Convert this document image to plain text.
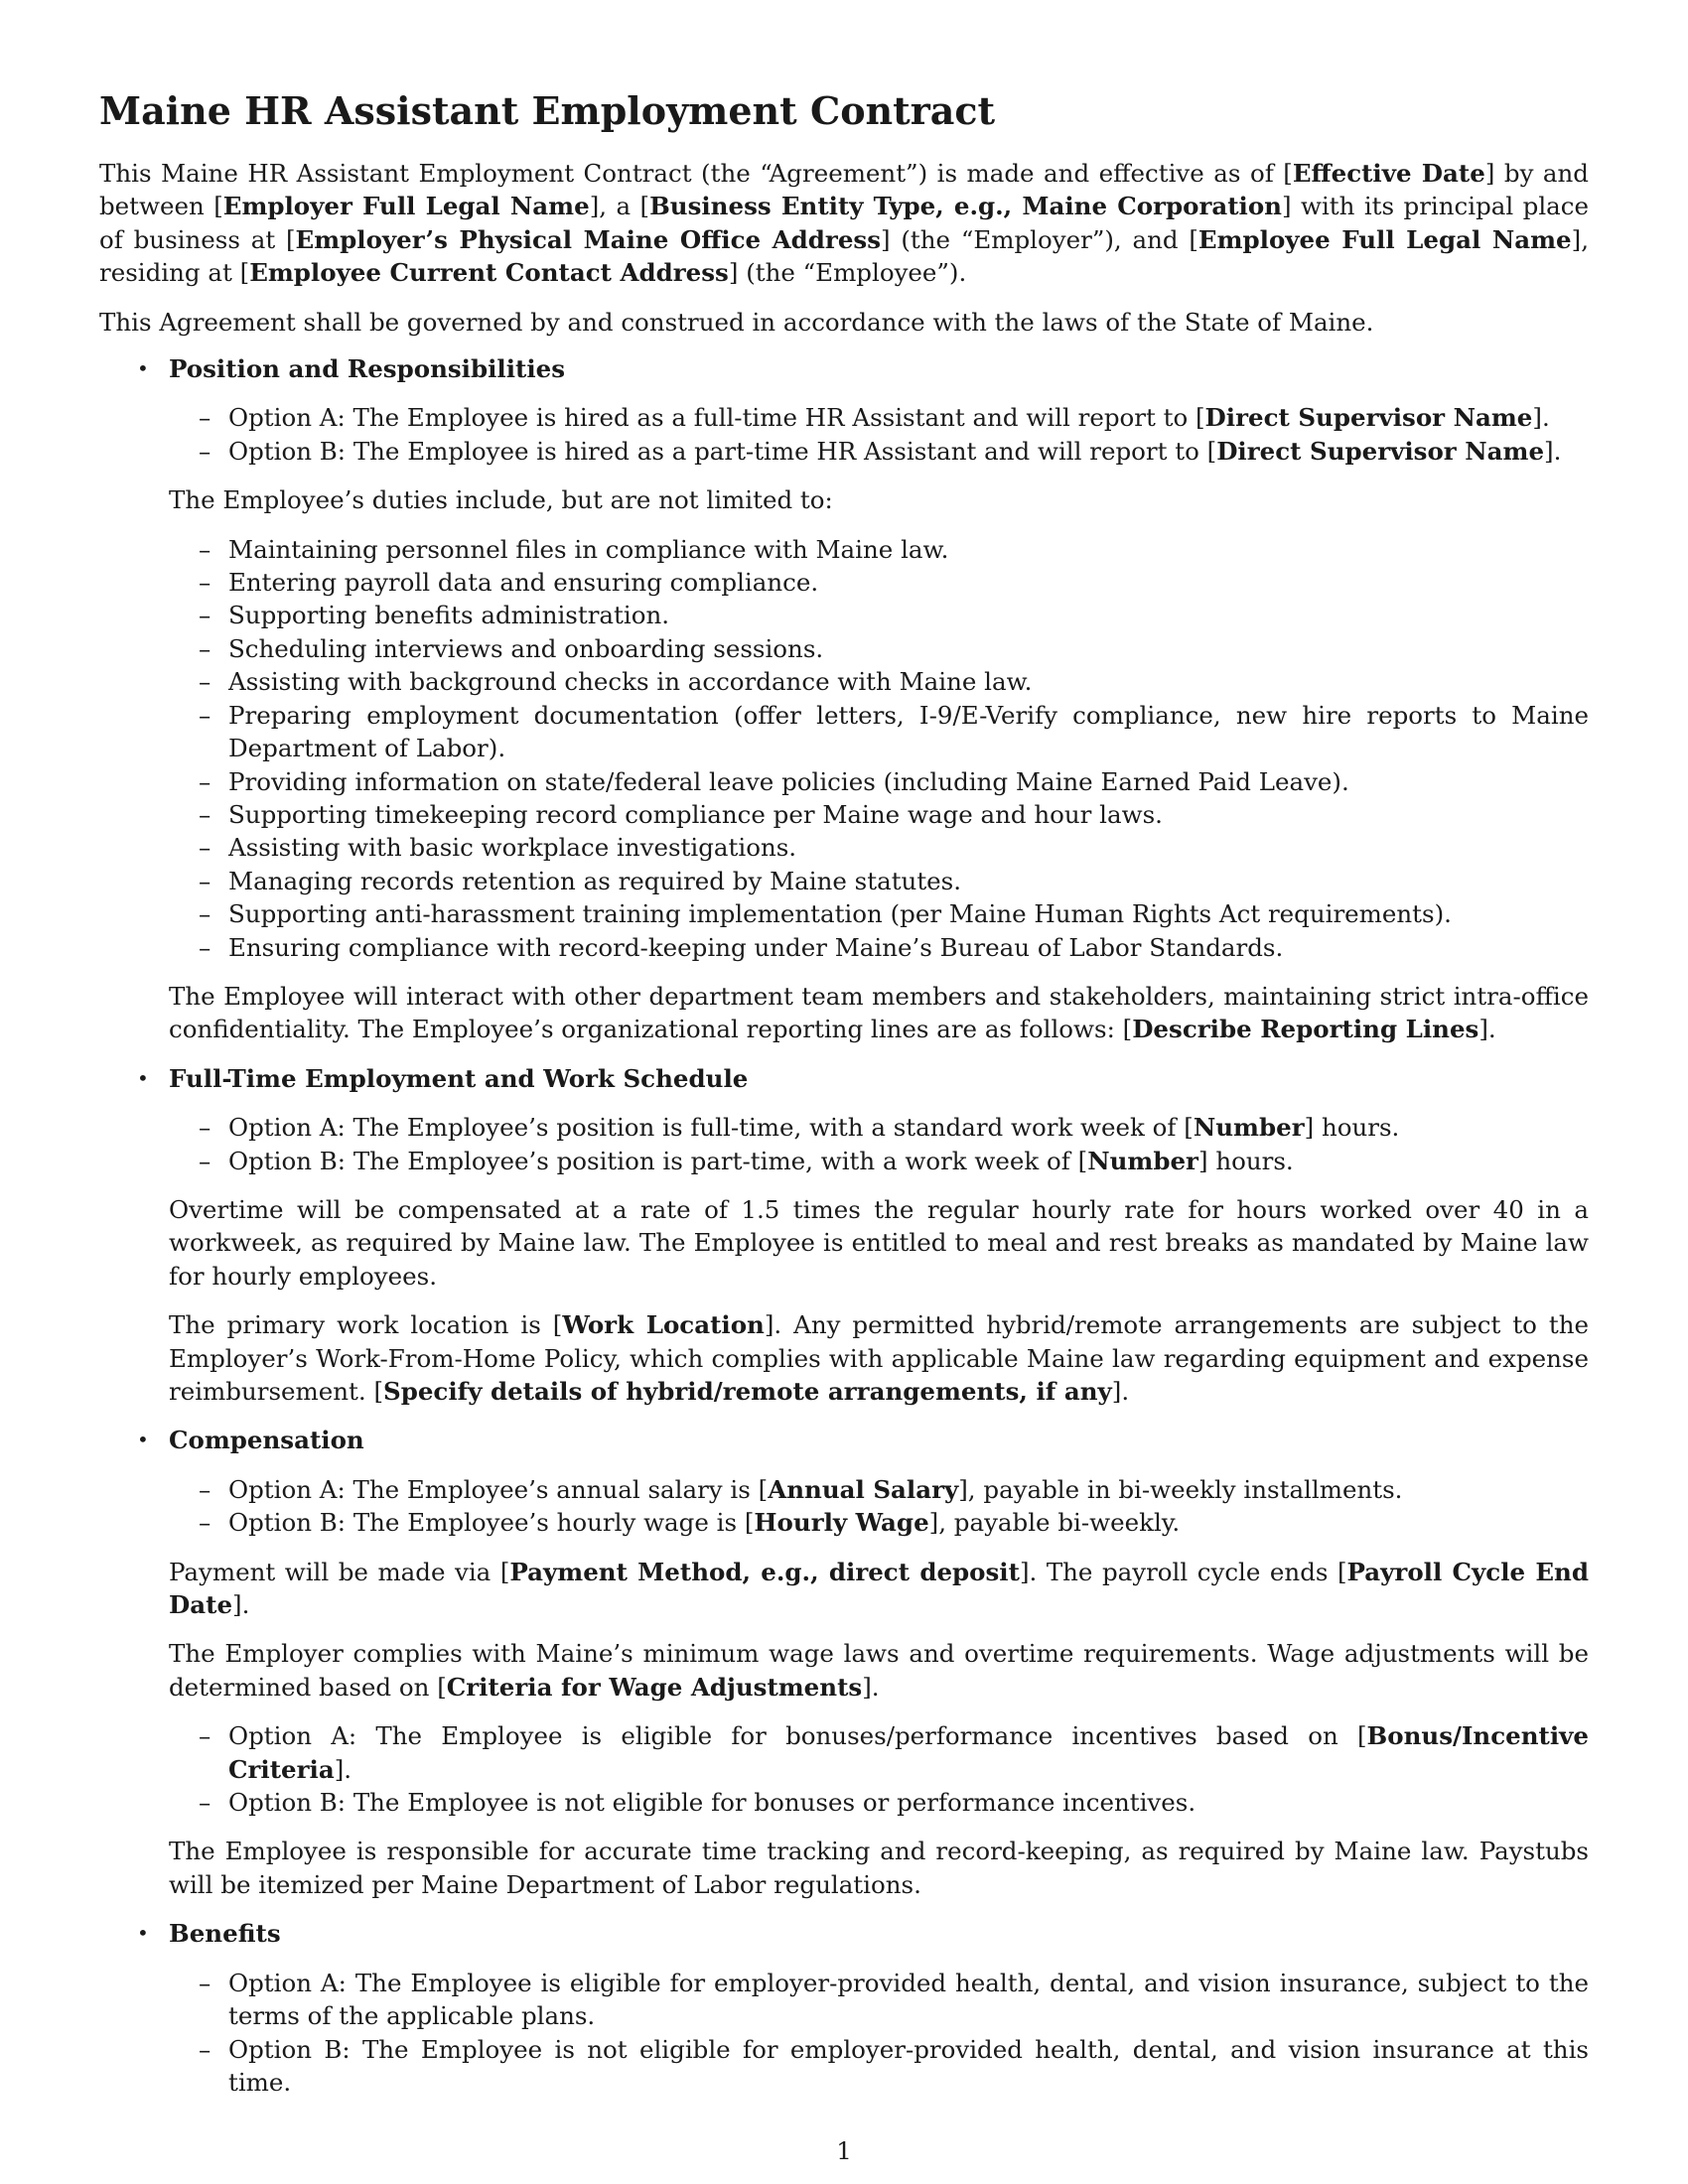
Maine HR Assistant Employment Contract

This Maine HR Assistant Employment Contract (the “Agreement”) is made and effective as of [Effective Date] by and between [Employer Full Legal Name], a [Business Entity Type, e.g., Maine Corporation] with its principal place of business at [Employer’s Physical Maine Office Address] (the “Employer”), and [Employee Full Legal Name], residing at [Employee Current Contact Address] (the “Employee”).

This Agreement shall be governed by and construed in accordance with the laws of the State of Maine.

• Position and Responsibilities
– Option A: The Employee is hired as a full-time HR Assistant and will report to [Direct Supervisor Name].
– Option B: The Employee is hired as a part-time HR Assistant and will report to [Direct Supervisor Name].

The Employee’s duties include, but are not limited to:

– Maintaining personnel files in compliance with Maine law.
– Entering payroll data and ensuring compliance.
– Supporting benefits administration.
– Scheduling interviews and onboarding sessions.
– Assisting with background checks in accordance with Maine law.
– Preparing employment documentation (offer letters, I-9/E-Verify compliance, new hire reports to Maine Department of Labor).
– Providing information on state/federal leave policies (including Maine Earned Paid Leave).
– Supporting timekeeping record compliance per Maine wage and hour laws.
– Assisting with basic workplace investigations.
– Managing records retention as required by Maine statutes.
– Supporting anti-harassment training implementation (per Maine Human Rights Act requirements).
– Ensuring compliance with record-keeping under Maine’s Bureau of Labor Standards.

The Employee will interact with other department team members and stakeholders, maintaining strict intra-office confidentiality. The Employee’s organizational reporting lines are as follows: [Describe Reporting Lines].

• Full-Time Employment and Work Schedule
– Option A: The Employee’s position is full-time, with a standard work week of [Number] hours.
– Option B: The Employee’s position is part-time, with a work week of [Number] hours.

Overtime will be compensated at a rate of 1.5 times the regular hourly rate for hours worked over 40 in a workweek, as required by Maine law. The Employee is entitled to meal and rest breaks as mandated by Maine law for hourly employees.

The primary work location is [Work Location]. Any permitted hybrid/remote arrangements are subject to the Employer’s Work-From-Home Policy, which complies with applicable Maine law regarding equipment and expense reimbursement. [Specify details of hybrid/remote arrangements, if any].

• Compensation
– Option A: The Employee’s annual salary is [Annual Salary], payable in bi-weekly installments.
– Option B: The Employee’s hourly wage is [Hourly Wage], payable bi-weekly.

Payment will be made via [Payment Method, e.g., direct deposit]. The payroll cycle ends [Payroll Cycle End Date].

The Employer complies with Maine’s minimum wage laws and overtime requirements. Wage adjustments will be determined based on [Criteria for Wage Adjustments].

– Option A: The Employee is eligible for bonuses/performance incentives based on [Bonus/Incentive Criteria].
– Option B: The Employee is not eligible for bonuses or performance incentives.

The Employee is responsible for accurate time tracking and record-keeping, as required by Maine law. Paystubs will be itemized per Maine Department of Labor regulations.

• Benefits
– Option A: The Employee is eligible for employer-provided health, dental, and vision insurance, subject to the terms of the applicable plans.
– Option B: The Employee is not eligible for employer-provided health, dental, and vision insurance at this time.
1
